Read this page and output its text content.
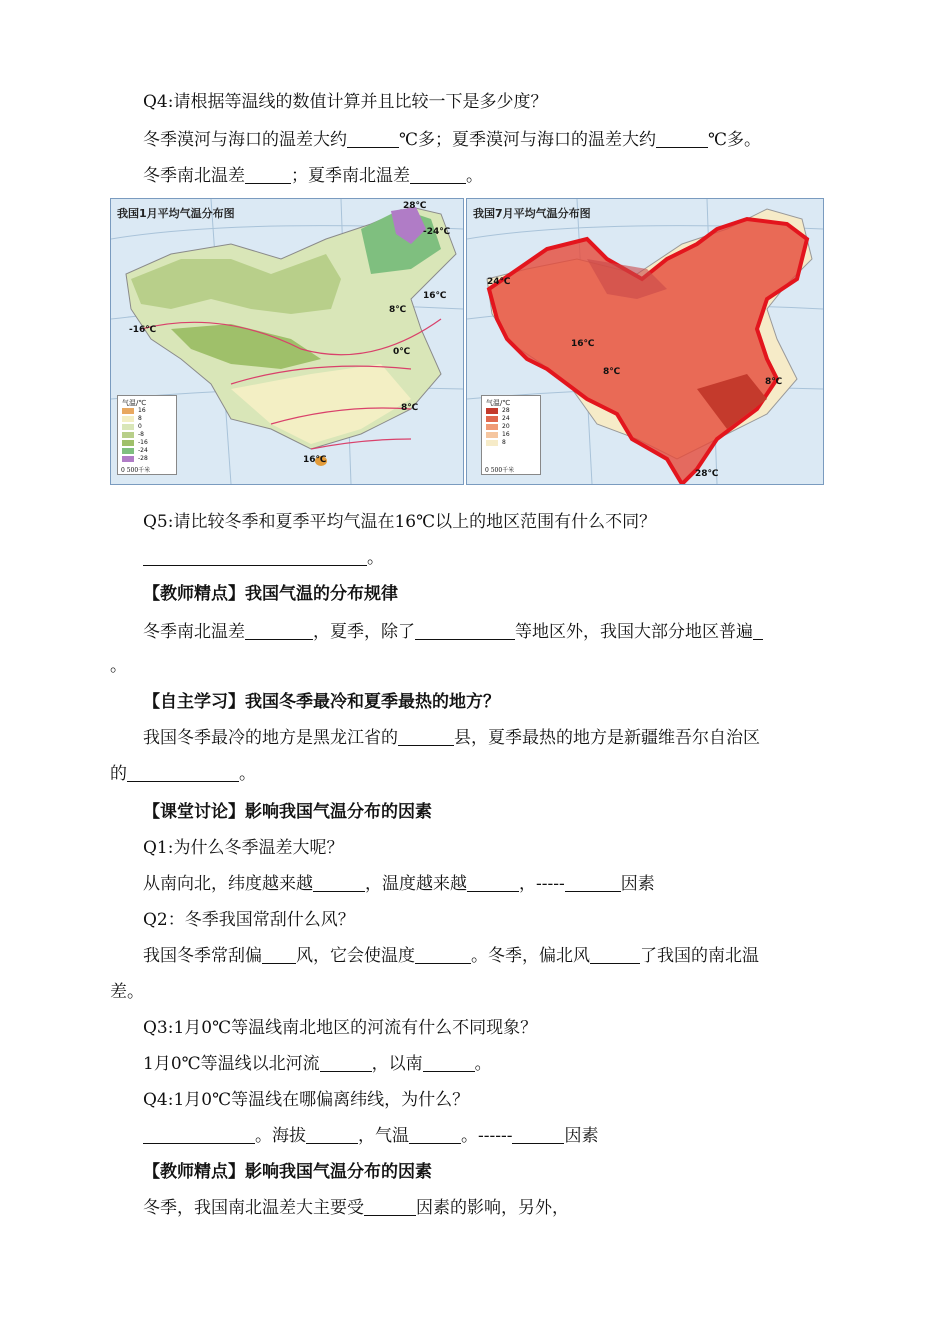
Q4:请根据等温线的数值计算并且比较一下是多少度？
冬季漠河与海口的温差大约	℃多；夏季漠河与海口的温差大约	℃多。
冬季南北温差	；夏季南北温差	。
我国1月平均气温分布图
28℃
-24℃
16℃
-16℃
8℃
0℃
8℃
16℃
气温/℃
16
8
0
-8
-16
-24
-28
0 500千米
我国7月平均气温分布图
24℃
16℃
8℃
8℃
28℃
气温/℃
28
24
20
16
8
0 500千米
Q5:请比较冬季和夏季平均气温在16℃以上的地区范围有什么不同？
。
【教师精点】我国气温的分布规律
冬季南北温差	，夏季，除了	等地区外，我国大部分地区普遍
。
【自主学习】我国冬季最冷和夏季最热的地方？
我国冬季最冷的地方是黑龙江省的	县，夏季最热的地方是新疆维吾尔自治区
的	。
【课堂讨论】影响我国气温分布的因素
Q1:为什么冬季温差大呢？
从南向北，纬度越来越	，温度越来越	，-----	因素
Q2：冬季我国常刮什么风？
我国冬季常刮偏 风，它会使温度	。冬季，偏北风	了我国的南北温
差。
Q3:1月0℃等温线南北地区的河流有什么不同现象？
1月0℃等温线以北河流	，以南	。
Q4:1月0℃等温线在哪偏离纬线，为什么？
。海拔	，气温	。------	因素
【教师精点】影响我国气温分布的因素
冬季，我国南北温差大主要受	因素的影响，另外，
